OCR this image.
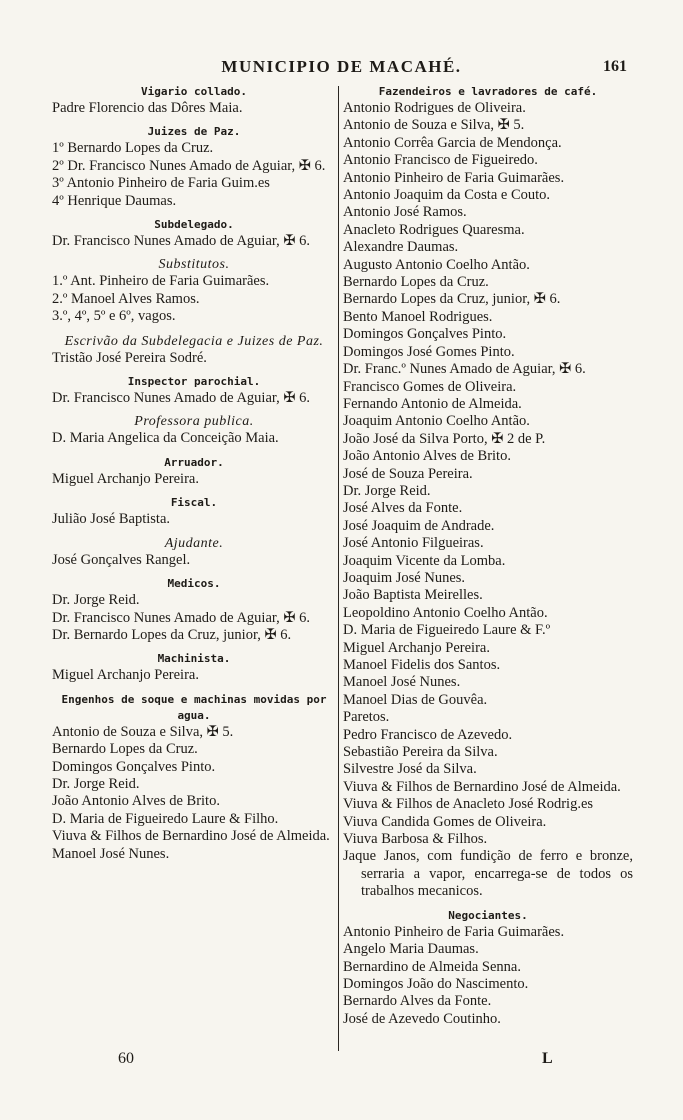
MUNICIPIO DE MACAHÉ.	161
Vigario collado.
Padre Florencio das Dôres Maia.
Juizes de Paz.
1º Bernardo Lopes da Cruz.
2º Dr. Francisco Nunes Amado de Aguiar, ✠ 6.
3º Antonio Pinheiro de Faria Guim.es
4º Henrique Daumas.
Subdelegado.
Dr. Francisco Nunes Amado de Aguiar, ✠ 6.
Substitutos.
1.º Ant. Pinheiro de Faria Guimarães.
2.º Manoel Alves Ramos.
3.º, 4º, 5º e 6º, vagos.
Escrivão da Subdelegacia e Juizes de Paz.
Tristão José Pereira Sodré.
Inspector parochial.
Dr. Francisco Nunes Amado de Aguiar, ✠ 6.
Professora publica.
D. Maria Angelica da Conceição Maia.
Arruador.
Miguel Archanjo Pereira.
Fiscal.
Julião José Baptista.
Ajudante.
José Gonçalves Rangel.
Medicos.
Dr. Jorge Reid.
Dr. Francisco Nunes Amado de Aguiar, ✠ 6.
Dr. Bernardo Lopes da Cruz, junior, ✠ 6.
Machinista.
Miguel Archanjo Pereira.
Engenhos de soque e machinas movidas por agua.
Antonio de Souza e Silva, ✠ 5.
Bernardo Lopes da Cruz.
Domingos Gonçalves Pinto.
Dr. Jorge Reid.
João Antonio Alves de Brito.
D. Maria de Figueiredo Laure & Filho.
Viuva & Filhos de Bernardino José de Almeida.
Manoel José Nunes.
Fazendeiros e lavradores de café.
Antonio Rodrigues de Oliveira.
Antonio de Souza e Silva, ✠ 5.
Antonio Corrêa Garcia de Mendonça.
Antonio Francisco de Figueiredo.
Antonio Pinheiro de Faria Guimarães.
Antonio Joaquim da Costa e Couto.
Antonio José Ramos.
Anacleto Rodrigues Quaresma.
Alexandre Daumas.
Augusto Antonio Coelho Antão.
Bernardo Lopes da Cruz.
Bernardo Lopes da Cruz, junior, ✠ 6.
Bento Manoel Rodrigues.
Domingos Gonçalves Pinto.
Domingos José Gomes Pinto.
Dr. Franc.º Nunes Amado de Aguiar, ✠ 6.
Francisco Gomes de Oliveira.
Fernando Antonio de Almeida.
Joaquim Antonio Coelho Antão.
João José da Silva Porto, ✠ 2 de P.
João Antonio Alves de Brito.
José de Souza Pereira.
Dr. Jorge Reid.
José Alves da Fonte.
José Joaquim de Andrade.
José Antonio Filgueiras.
Joaquim Vicente da Lomba.
Joaquim José Nunes.
João Baptista Meirelles.
Leopoldino Antonio Coelho Antão.
D. Maria de Figueiredo Laure & F.º
Miguel Archanjo Pereira.
Manoel Fidelis dos Santos.
Manoel José Nunes.
Manoel Dias de Gouvêa.
Paretos.
Pedro Francisco de Azevedo.
Sebastião Pereira da Silva.
Silvestre José da Silva.
Viuva & Filhos de Bernardino José de Almeida.
Viuva & Filhos de Anacleto José Rodrig.es
Viuva Candida Gomes de Oliveira.
Viuva Barbosa & Filhos.
Jaque Janos, com fundição de ferro e bronze, serraria a vapor, encarrega-se de todos os trabalhos mecanicos.
Negociantes.
Antonio Pinheiro de Faria Guimarães.
Angelo Maria Daumas.
Bernardino de Almeida Senna.
Domingos João do Nascimento.
Bernardo Alves da Fonte.
José de Azevedo Coutinho.
60	L
